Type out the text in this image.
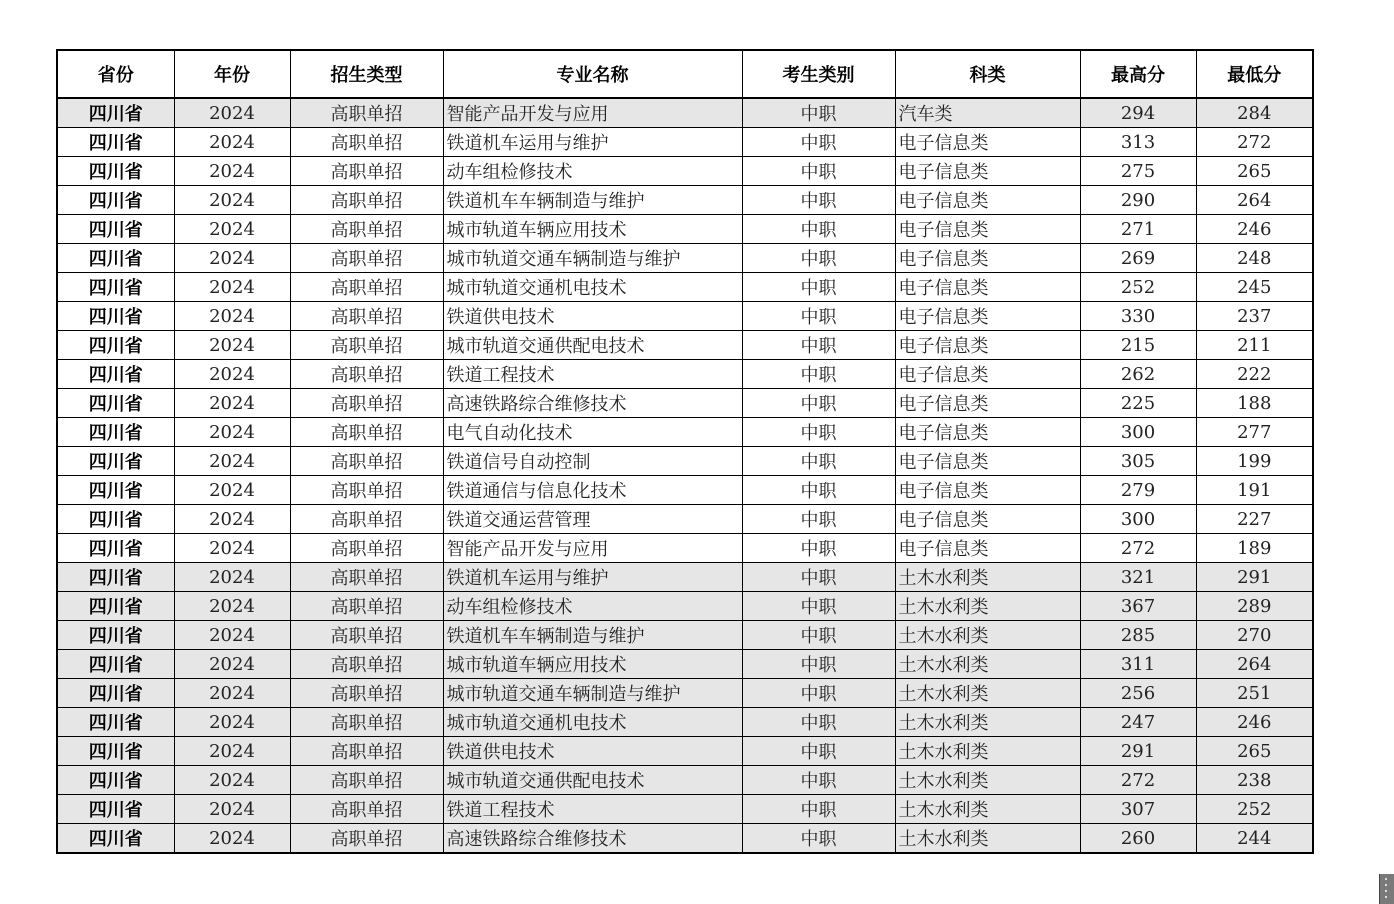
省份	年份	招生类型	专业名称	考生类别	科类	最高分	最低分
四川省	2024	高职单招	智能产品开发与应用	中职	汽车类	294	284
四川省	2024	高职单招	铁道机车运用与维护	中职	电子信息类	313	272
四川省	2024	高职单招	动车组检修技术	中职	电子信息类	275	265
四川省	2024	高职单招	铁道机车车辆制造与维护	中职	电子信息类	290	264
四川省	2024	高职单招	城市轨道车辆应用技术	中职	电子信息类	271	246
四川省	2024	高职单招	城市轨道交通车辆制造与维护	中职	电子信息类	269	248
四川省	2024	高职单招	城市轨道交通机电技术	中职	电子信息类	252	245
四川省	2024	高职单招	铁道供电技术	中职	电子信息类	330	237
四川省	2024	高职单招	城市轨道交通供配电技术	中职	电子信息类	215	211
四川省	2024	高职单招	铁道工程技术	中职	电子信息类	262	222
四川省	2024	高职单招	高速铁路综合维修技术	中职	电子信息类	225	188
四川省	2024	高职单招	电气自动化技术	中职	电子信息类	300	277
四川省	2024	高职单招	铁道信号自动控制	中职	电子信息类	305	199
四川省	2024	高职单招	铁道通信与信息化技术	中职	电子信息类	279	191
四川省	2024	高职单招	铁道交通运营管理	中职	电子信息类	300	227
四川省	2024	高职单招	智能产品开发与应用	中职	电子信息类	272	189
四川省	2024	高职单招	铁道机车运用与维护	中职	土木水利类	321	291
四川省	2024	高职单招	动车组检修技术	中职	土木水利类	367	289
四川省	2024	高职单招	铁道机车车辆制造与维护	中职	土木水利类	285	270
四川省	2024	高职单招	城市轨道车辆应用技术	中职	土木水利类	311	264
四川省	2024	高职单招	城市轨道交通车辆制造与维护	中职	土木水利类	256	251
四川省	2024	高职单招	城市轨道交通机电技术	中职	土木水利类	247	246
四川省	2024	高职单招	铁道供电技术	中职	土木水利类	291	265
四川省	2024	高职单招	城市轨道交通供配电技术	中职	土木水利类	272	238
四川省	2024	高职单招	铁道工程技术	中职	土木水利类	307	252
四川省	2024	高职单招	高速铁路综合维修技术	中职	土木水利类	260	244
